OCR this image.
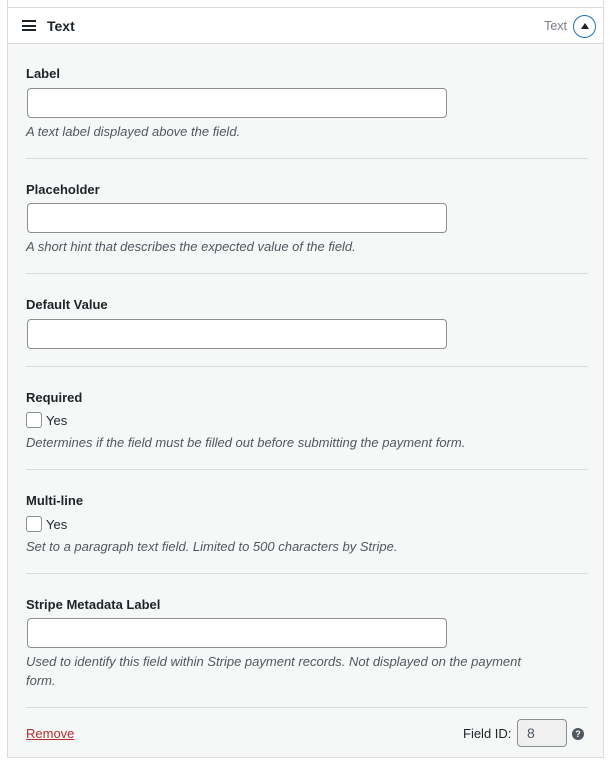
Text	Text
Label
A text label displayed above the field.
Placeholder
A short hint that describes the expected value of the field.
Default Value
Required
Yes
Determines if the field must be filled out before submitting the payment form.
Multi-line
Yes
Set to a paragraph text field. Limited to 500 characters by Stripe.
Stripe Metadata Label
Used to identify this field within Stripe payment records. Not displayed on the payment
form.
Remove	Field ID:	8	?
